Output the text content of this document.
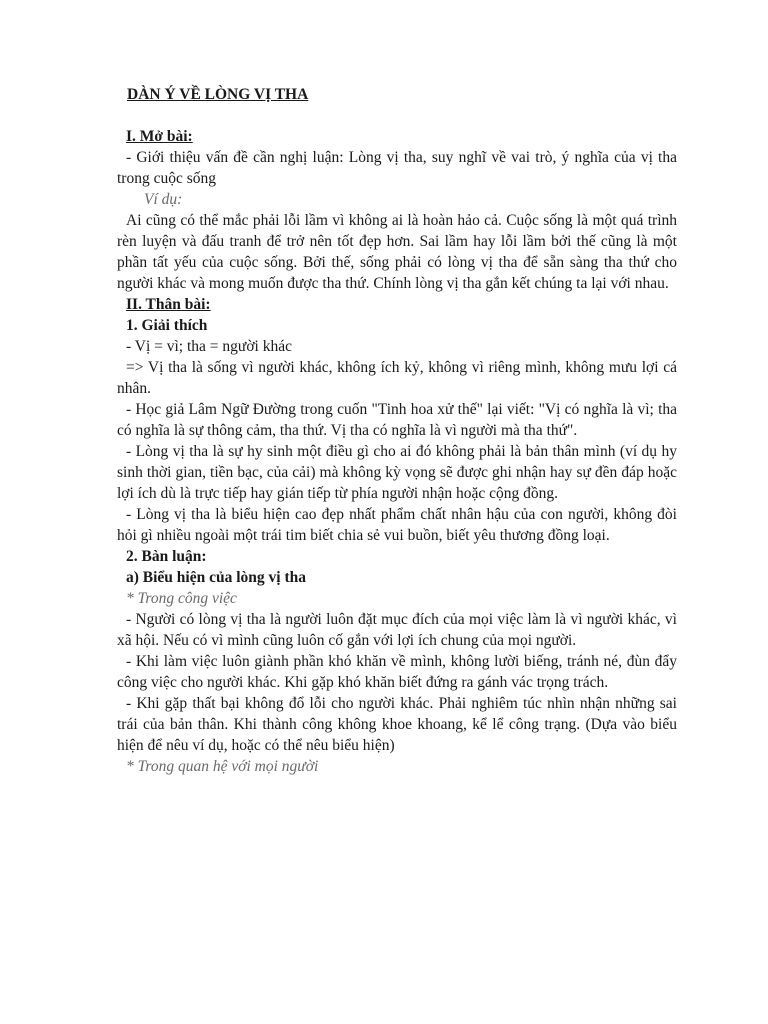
DÀN Ý VỀ LÒNG VỊ THA

I. Mở bài:

- Giới thiệu vấn đề cần nghị luận: Lòng vị tha, suy nghĩ về vai trò, ý nghĩa của vị tha trong cuộc sống

Ví dụ:

Ai cũng có thể mắc phải lỗi lầm vì không ai là hoàn hảo cả. Cuộc sống là một quá trình rèn luyện và đấu tranh để trở nên tốt đẹp hơn. Sai lầm hay lỗi lầm bởi thế cũng là một phần tất yếu của cuộc sống. Bởi thế, sống phải có lòng vị tha để sẵn sàng tha thứ cho người khác và mong muốn được tha thứ. Chính lòng vị tha gắn kết chúng ta lại với nhau.

II. Thân bài:

1. Giải thích

- Vị = vì; tha = người khác

=> Vị tha là sống vì người khác, không ích kỷ, không vì riêng mình, không mưu lợi cá nhân.

- Học giả Lâm Ngữ Đường trong cuốn "Tinh hoa xử thế" lại viết: "Vị có nghĩa là vì; tha có nghĩa là sự thông cảm, tha thứ. Vị tha có nghĩa là vì người mà tha thứ".

- Lòng vị tha là sự hy sinh một điều gì cho ai đó không phải là bản thân mình (ví dụ hy sinh thời gian, tiền bạc, của cải) mà không kỳ vọng sẽ được ghi nhận hay sự đền đáp hoặc lợi ích dù là trực tiếp hay gián tiếp từ phía người nhận hoặc cộng đồng.

- Lòng vị tha là biểu hiện cao đẹp nhất phẩm chất nhân hậu của con người, không đòi hỏi gì nhiều ngoài một trái tim biết chia sẻ vui buồn, biết yêu thương đồng loại.

2. Bàn luận:

a) Biểu hiện của lòng vị tha

* Trong công việc

- Người có lòng vị tha là người luôn đặt mục đích của mọi việc làm là vì người khác, vì xã hội. Nếu có vì mình cũng luôn cố gắn với lợi ích chung của mọi người.

- Khi làm việc luôn giành phần khó khăn về mình, không lười biếng, tránh né, đùn đẩy công việc cho người khác. Khi gặp khó khăn biết đứng ra gánh vác trọng trách.

- Khi gặp thất bại không đổ lỗi cho người khác. Phải nghiêm túc nhìn nhận những sai trái của bản thân. Khi thành công không khoe khoang, kể lể công trạng. (Dựa vào biểu hiện để nêu ví dụ, hoặc có thể nêu biểu hiện)

* Trong quan hệ với mọi người
